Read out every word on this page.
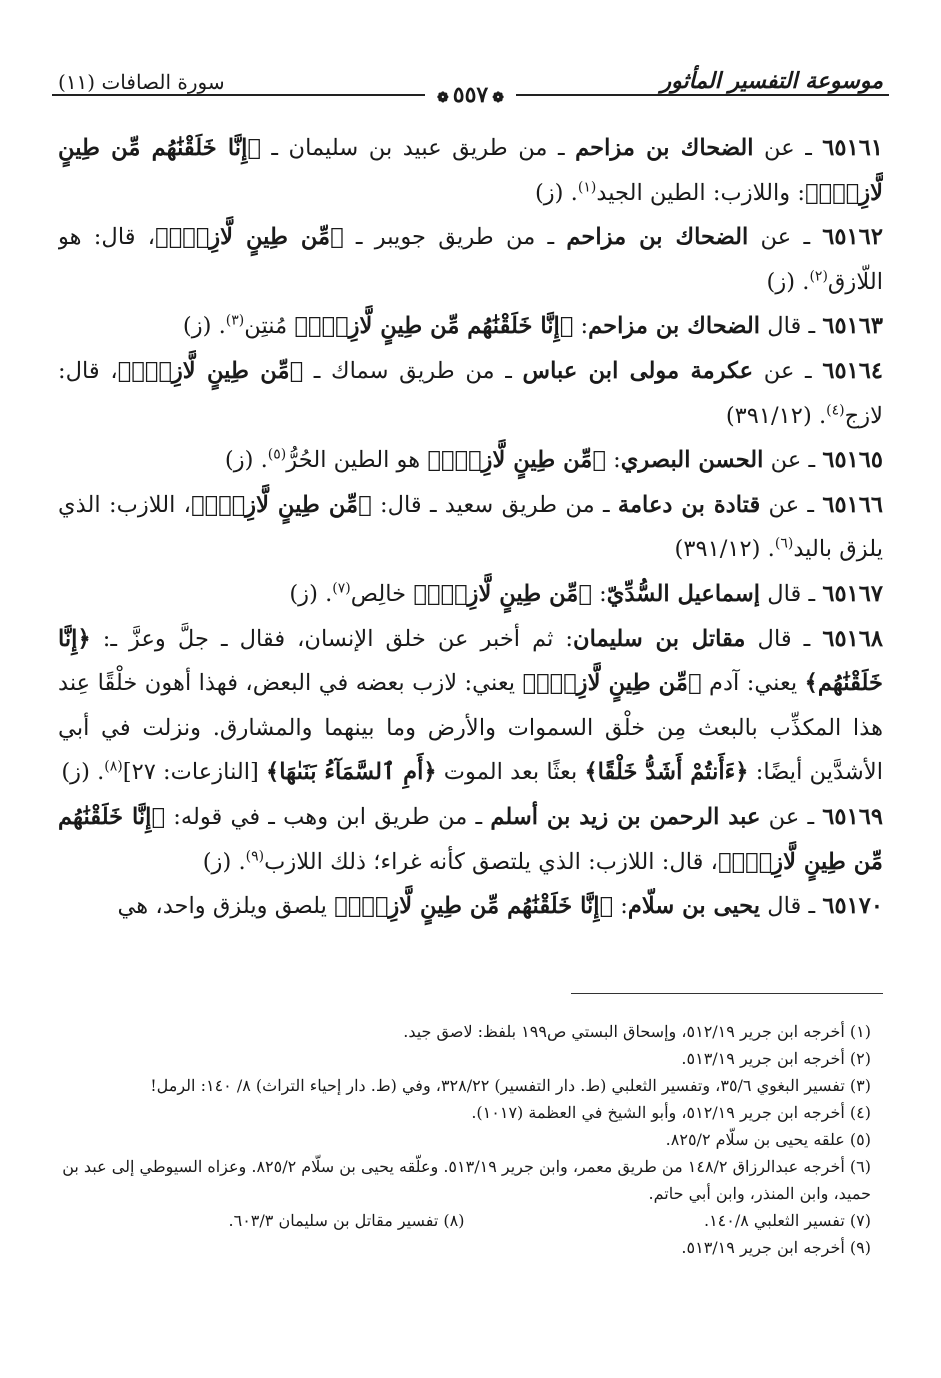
موسوعة التفسير المأثور
سورة الصافات (١١)
❁٥٥٧❁

٦٥١٦١ ـ عن الضحاك بن مزاحم ـ من طريق عبيد بن سليمان ـ ﴿إِنَّا خَلَقْنَٰهُم مِّن طِينٍ لَّازِبِۭ﴾: واللازب: الطين الجيد$^{(١)}$. (ز)

٦٥١٦٢ ـ عن الضحاك بن مزاحم ـ من طريق جويبر ـ ﴿مِّن طِينٍ لَّازِبِۭ﴾، قال: هو اللّازق$^{(٢)}$. (ز)

٦٥١٦٣ ـ قال الضحاك بن مزاحم: ﴿إِنَّا خَلَقْنَٰهُم مِّن طِينٍ لَّازِبِۭ﴾ مُنتِن$^{(٣)}$. (ز)

٦٥١٦٤ ـ عن عكرمة مولى ابن عباس ـ من طريق سماك ـ ﴿مِّن طِينٍ لَّازِبِۭ﴾، قال: لازج$^{(٤)}$. (٣٩١/١٢)

٦٥١٦٥ ـ عن الحسن البصري: ﴿مِّن طِينٍ لَّازِبِۭ﴾ هو الطين الحُرُّ$^{(٥)}$. (ز)

٦٥١٦٦ ـ عن قتادة بن دعامة ـ من طريق سعيد ـ قال: ﴿مِّن طِينٍ لَّازِبِۭ﴾، اللازب: الذي يلزق باليد$^{(٦)}$. (٣٩١/١٢)

٦٥١٦٧ ـ قال إسماعيل السُّدِّيّ: ﴿مِّن طِينٍ لَّازِبِۭ﴾ خالِص$^{(٧)}$. (ز)

٦٥١٦٨ ـ قال مقاتل بن سليمان: ثم أخبر عن خلق الإنسان، فقال ـ جلَّ وعزَّ ـ: ﴿إِنَّا خَلَقْنَٰهُم﴾ يعني: آدم ﴿مِّن طِينٍ لَّازِبِۭ﴾ يعني: لازب بعضه في البعض، فهذا أهون خلْقًا عِند هذا المكذِّب بالبعث مِن خلْق السموات والأرض وما بينهما والمشارق. ونزلت في أبي الأشدَّين أيضًا: ﴿ءَأَنتُمْ أَشَدُّ خَلْقًا﴾ بعثًا بعد الموت ﴿أَمِ ٱلسَّمَآءُ بَنَىٰهَا﴾ [النازعات: ٢٧]$^{(٨)}$. (ز)

٦٥١٦٩ ـ عن عبد الرحمن بن زيد بن أسلم ـ من طريق ابن وهب ـ في قوله: ﴿إِنَّا خَلَقْنَٰهُم مِّن طِينٍ لَّازِبِۭ﴾، قال: اللازب: الذي يلتصق كأنه غراء؛ ذلك اللازب$^{(٩)}$. (ز)

٦٥١٧٠ ـ قال يحيى بن سلّام: ﴿إِنَّا خَلَقْنَٰهُم مِّن طِينٍ لَّازِبِۭ﴾ يلصق ويلزق واحد، هي

(١) أخرجه ابن جرير ٥١٢/١٩، وإسحاق البستي ص١٩٩ بلفظ: لاصق جيد.

(٢) أخرجه ابن جرير ٥١٣/١٩.

(٣) تفسير البغوي ٣٥/٦، وتفسير الثعلبي (ط. دار التفسير) ٣٢٨/٢٢، وفي (ط. دار إحياء التراث) ٨/ ١٤٠: الرمل!

(٤) أخرجه ابن جرير ٥١٢/١٩، وأبو الشيخ في العظمة (١٠١٧).

(٥) علقه يحيى بن سلّام ٨٢٥/٢.

(٦) أخرجه عبدالرزاق ١٤٨/٢ من طريق معمر، وابن جرير ٥١٣/١٩. وعلّقه يحيى بن سلّام ٨٢٥/٢. وعزاه السيوطي إلى عبد بن حميد، وابن المنذر، وابن أبي حاتم.

(٧) تفسير الثعلبي ١٤٠/٨.

(٨) تفسير مقاتل بن سليمان ٦٠٣/٣.

(٩) أخرجه ابن جرير ٥١٣/١٩.
